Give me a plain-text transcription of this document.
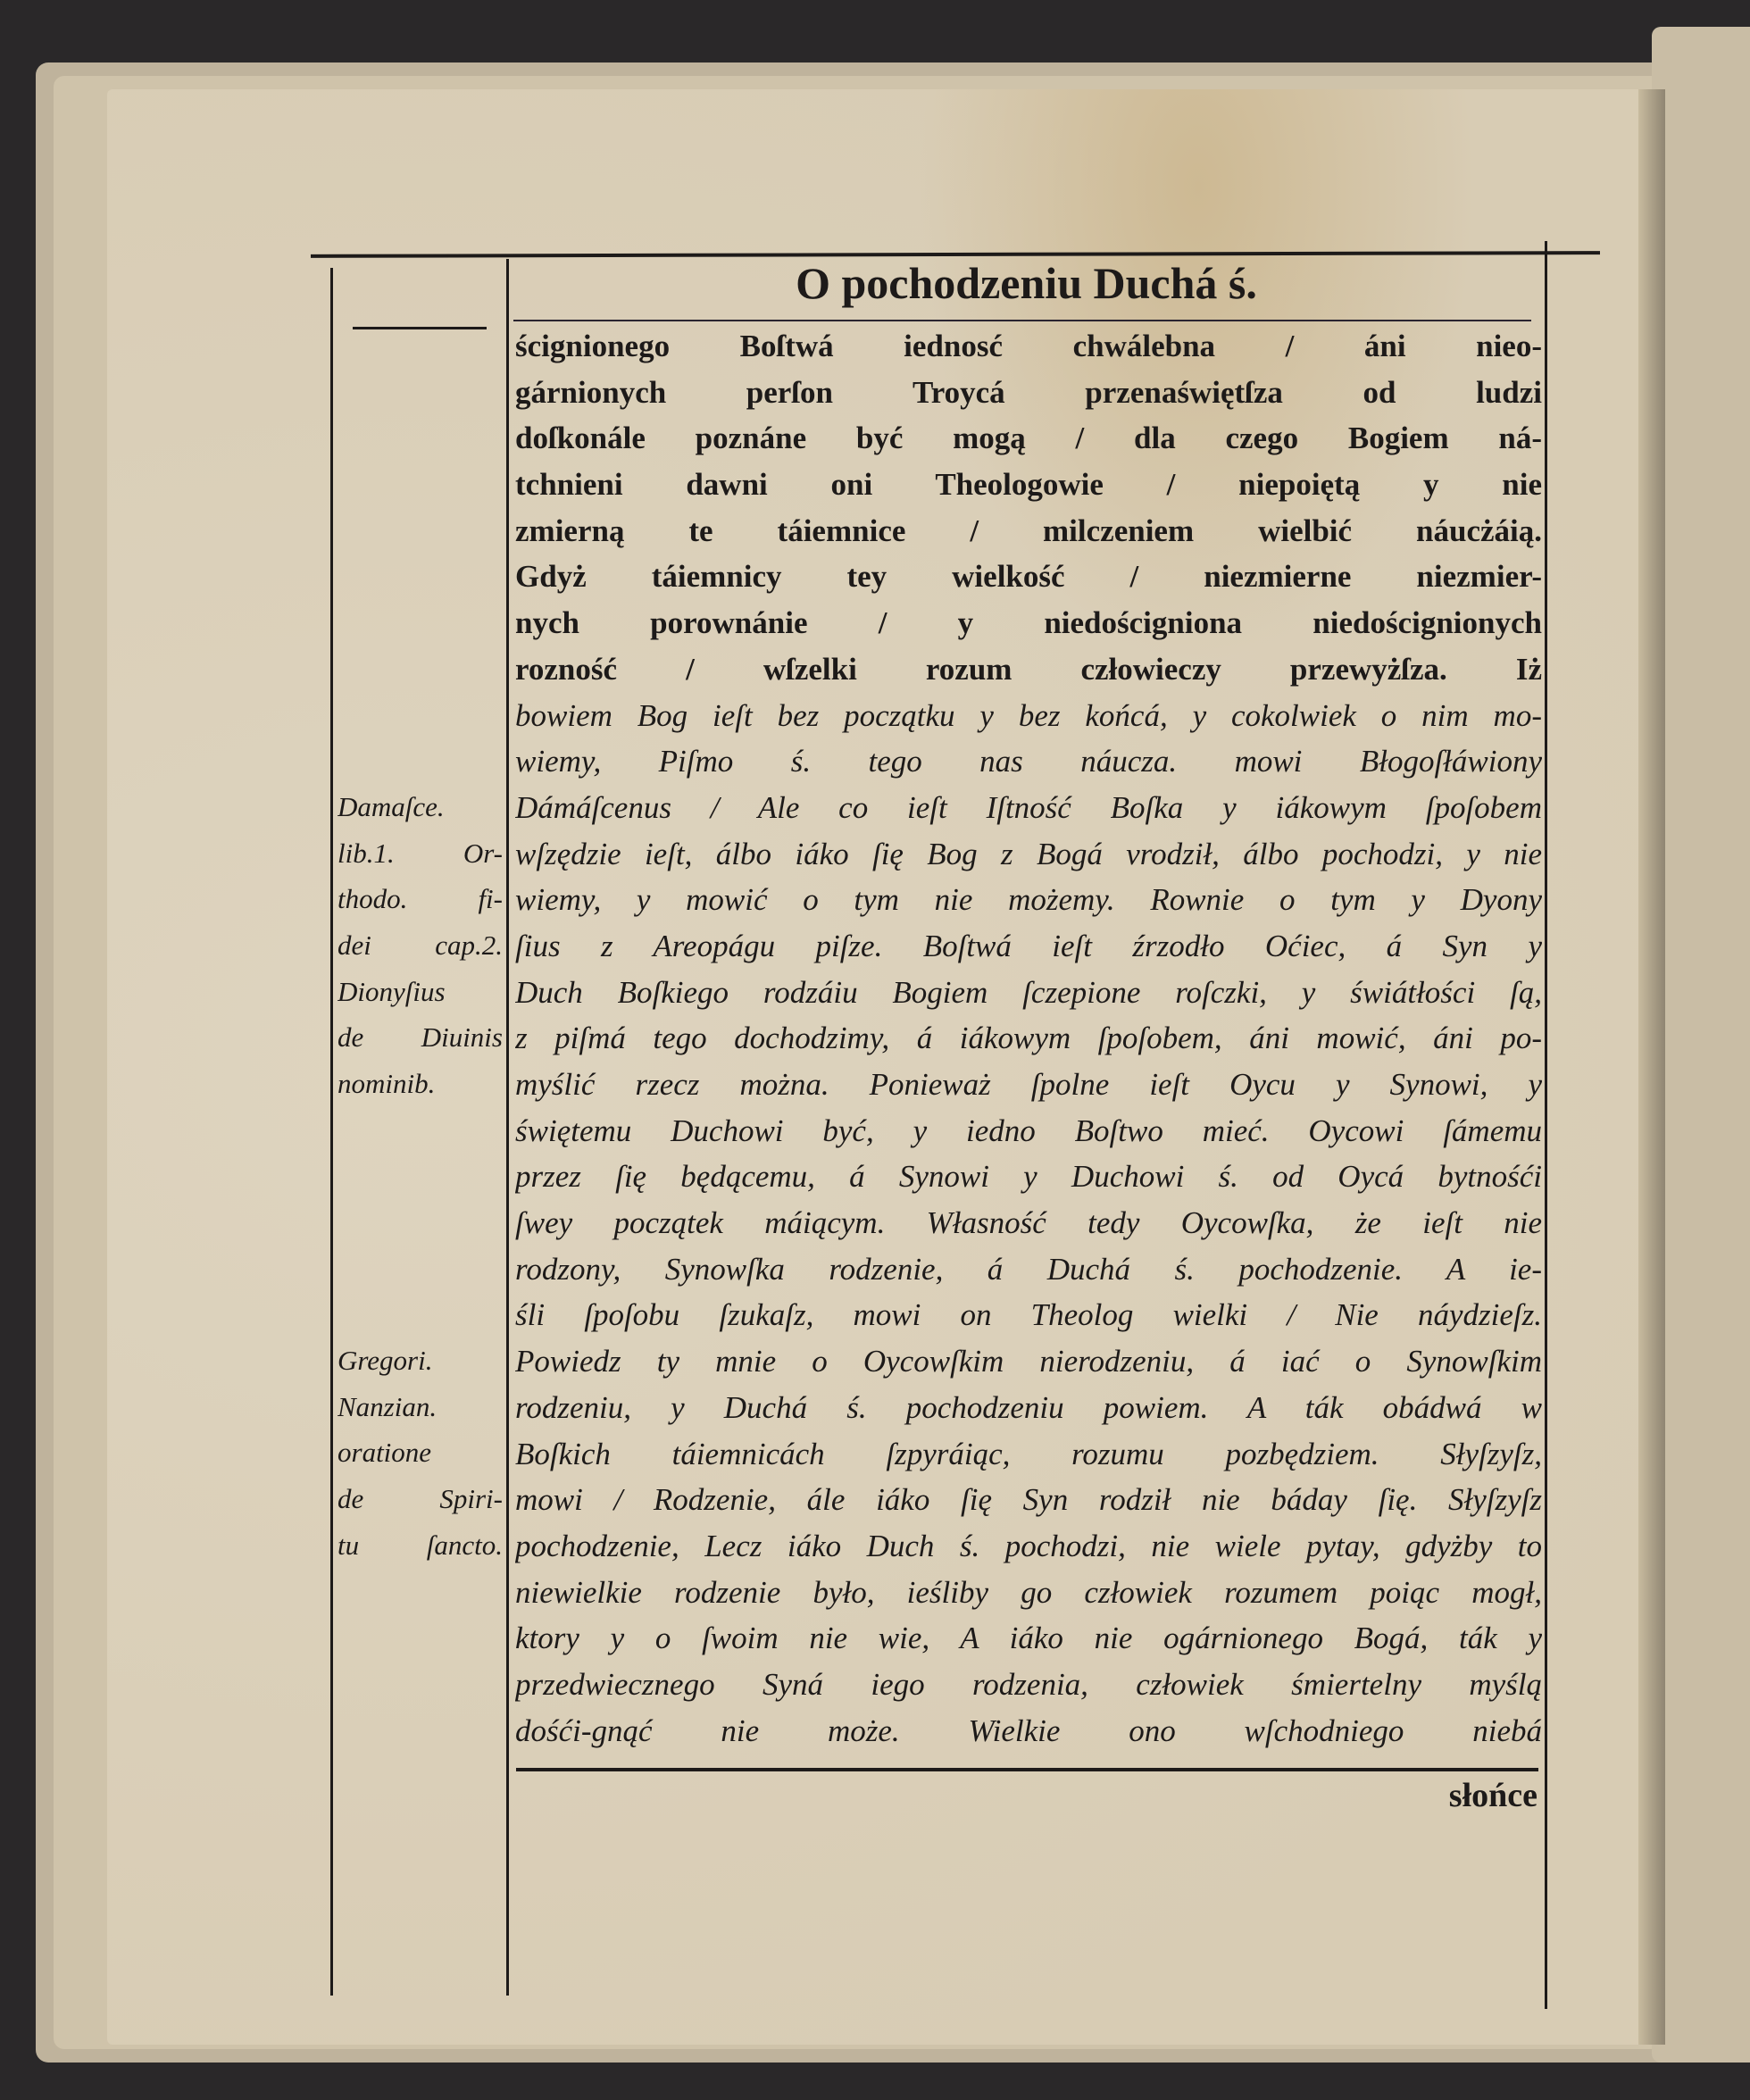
O pochodzeniu Duchá ś.
ścignionego Boſtwá iednosć chwálebna / áni nieo-
gárnionych perſon Troycá przenaświętſza od ludzi
doſkonále poznáne być mogą / dla czego Bogiem ná-
tchnieni dawni oni Theologowie / niepoiętą y nie
zmierną te táiemnice / milczeniem wielbić náucżáią.
Gdyż táiemnicy tey wielkość / niezmierne niezmier-
nych porownánie / y niedościgniona niedoścignionych
rozność / wſzelki rozum człowieczy przewyżſza. Iż
bowiem Bog ieſt bez początku y bez końcá, y cokolwiek o nim mo-
wiemy, Piſmo ś. tego nas náucza. mowi Błogoſłáwiony
Dámáſcenus / Ale co ieſt Iſtność Boſka y iákowym ſpoſobem
wſzędzie ieſt, álbo iáko ſię Bog z Bogá vrodził, álbo pochodzi, y nie
wiemy, y mowić o tym nie możemy. Rownie o tym y Dyony
ſius z Areopágu piſze. Boſtwá ieſt źrzodło Oćiec, á Syn y
Duch Boſkiego rodzáiu Bogiem ſczepione roſczki, y świátłości ſą,
z piſmá tego dochodzimy, á iákowym ſpoſobem, áni mowić, áni po-
myślić rzecz można. Ponieważ ſpolne ieſt Oycu y Synowi, y
świętemu Duchowi być, y iedno Boſtwo mieć. Oycowi ſámemu
przez ſię będącemu, á Synowi y Duchowi ś. od Oycá bytnośći
ſwey początek máiącym. Własność tedy Oycowſka, że ieſt nie
rodzony, Synowſka rodzenie, á Duchá ś. pochodzenie. A ie-
śli ſpoſobu ſzukaſz, mowi on Theolog wielki / Nie náydzieſz.
Powiedz ty mnie o Oycowſkim nierodzeniu, á iać o Synowſkim
rodzeniu, y Duchá ś. pochodzeniu powiem. A ták obádwá w
Boſkich táiemnicách ſzpyráiąc, rozumu pozbędziem. Słyſzyſz,
mowi / Rodzenie, ále iáko ſię Syn rodził nie báday ſię. Słyſzyſz
pochodzenie, Lecz iáko Duch ś. pochodzi, nie wiele pytay, gdyżby to
niewielkie rodzenie było, ieśliby go człowiek rozumem poiąc mogł,
ktory y o ſwoim nie wie, A iáko nie ogárnionego Bogá, ták y
przedwiecznego Syná iego rodzenia, człowiek śmiertelny myślą
dośći-gnąć nie może. Wielkie ono wſchodniego niebá
Damaſce.
lib.1. Or-
thodo. fi-
dei cap.2.
Dionyſius
de Diuinis
nominib.
Gregori.
Nanzian.
oratione
de Spiri-
tu ſancto.
słońce
